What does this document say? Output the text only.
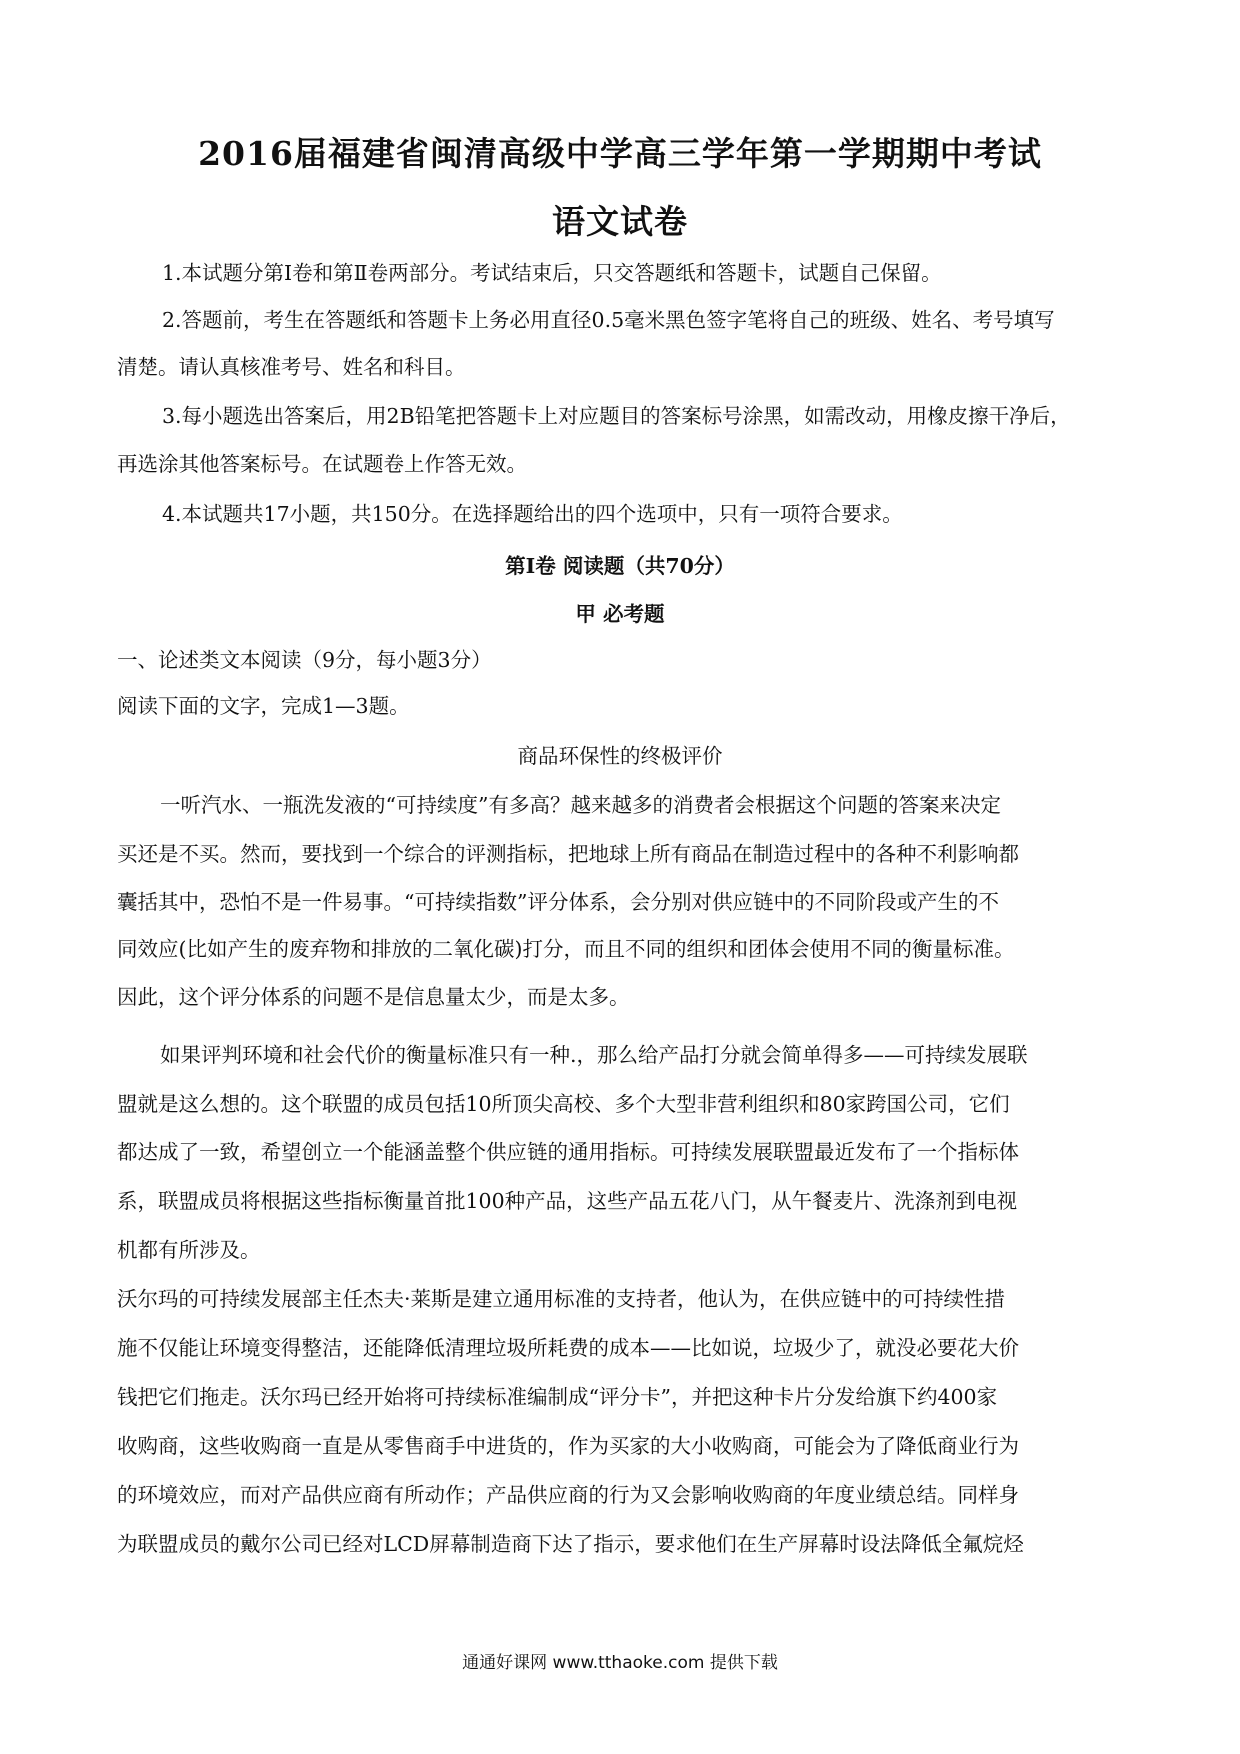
2016届福建省闽清高级中学高三学年第一学期期中考试
语文试卷
1.本试题分第Ⅰ卷和第Ⅱ卷两部分。考试结束后，只交答题纸和答题卡，试题自己保留。
2.答题前，考生在答题纸和答题卡上务必用直径0.5毫米黑色签字笔将自己的班级、姓名、考号填写
清楚。请认真核准考号、姓名和科目。
3.每小题选出答案后，用2B铅笔把答题卡上对应题目的答案标号涂黑，如需改动，用橡皮擦干净后，
再选涂其他答案标号。在试题卷上作答无效。
4.本试题共17小题，共150分。在选择题给出的四个选项中，只有一项符合要求。
第Ⅰ卷 阅读题（共70分）
甲 必考题
一、论述类文本阅读（9分，每小题3分）
阅读下面的文字，完成1—3题。
商品环保性的终极评价
一听汽水、一瓶洗发液的“可持续度”有多高？越来越多的消费者会根据这个问题的答案来决定
买还是不买。然而，要找到一个综合的评测指标，把地球上所有商品在制造过程中的各种不利影响都
囊括其中，恐怕不是一件易事。“可持续指数”评分体系，会分别对供应链中的不同阶段或产生的不
同效应(比如产生的废弃物和排放的二氧化碳)打分，而且不同的组织和团体会使用不同的衡量标准。
因此，这个评分体系的问题不是信息量太少，而是太多。
如果评判环境和社会代价的衡量标准只有一种.，那么给产品打分就会简单得多——可持续发展联
盟就是这么想的。这个联盟的成员包括10所顶尖高校、多个大型非营利组织和80家跨国公司，它们
都达成了一致，希望创立一个能涵盖整个供应链的通用指标。可持续发展联盟最近发布了一个指标体
系，联盟成员将根据这些指标衡量首批100种产品，这些产品五花八门，从午餐麦片、洗涤剂到电视
机都有所涉及。
沃尔玛的可持续发展部主任杰夫·莱斯是建立通用标准的支持者，他认为，在供应链中的可持续性措
施不仅能让环境变得整洁，还能降低清理垃圾所耗费的成本——比如说，垃圾少了，就没必要花大价
钱把它们拖走。沃尔玛已经开始将可持续标准编制成“评分卡”，并把这种卡片分发给旗下约400家
收购商，这些收购商一直是从零售商手中进货的，作为买家的大小收购商，可能会为了降低商业行为
的环境效应，而对产品供应商有所动作；产品供应商的行为又会影响收购商的年度业绩总结。同样身
为联盟成员的戴尔公司已经对LCD屏幕制造商下达了指示，要求他们在生产屏幕时设法降低全氟烷烃
通通好课网 www.tthaoke.com 提供下载
